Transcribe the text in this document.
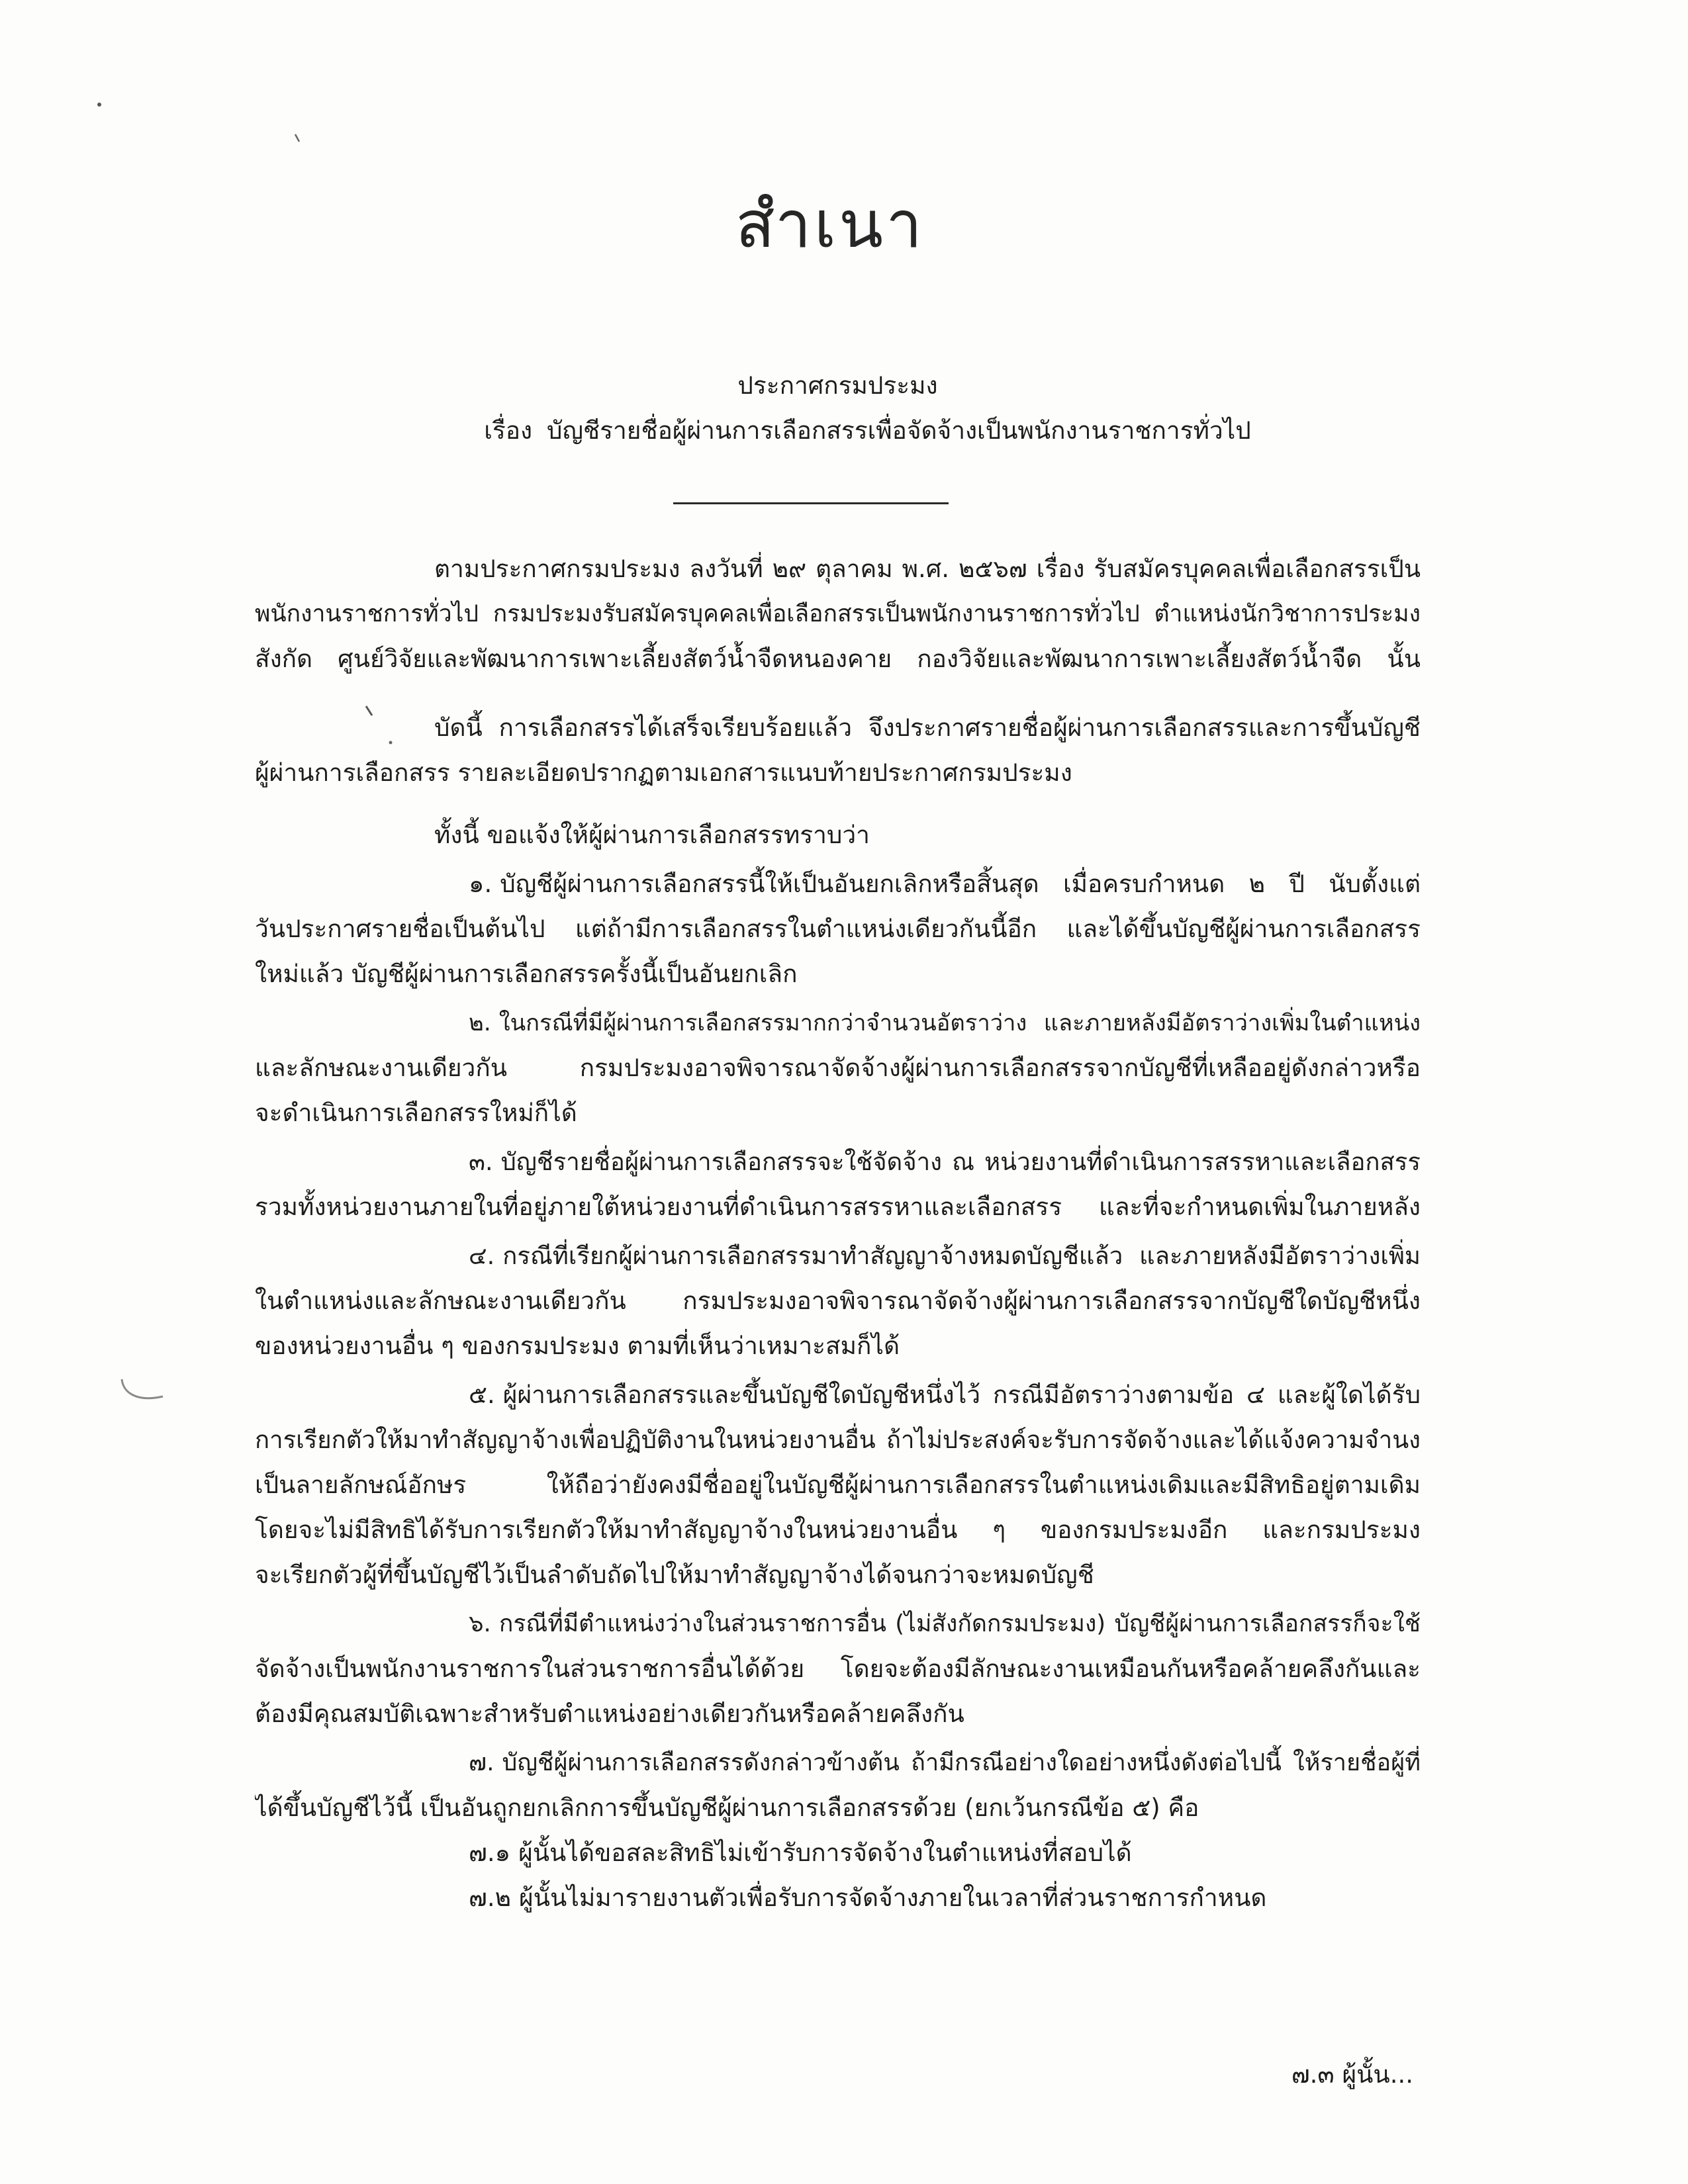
สำเนา
ประกาศกรมประมง
เรื่อง บัญชีรายชื่อผู้ผ่านการเลือกสรรเพื่อจัดจ้างเป็นพนักงานราชการทั่วไป
ตามประกาศกรมประมง ลงวันที่ ๒๙ ตุลาคม พ.ศ. ๒๕๖๗ เรื่อง รับสมัครบุคคลเพื่อเลือกสรรเป็น
พนักงานราชการทั่วไป กรมประมงรับสมัครบุคคลเพื่อเลือกสรรเป็นพนักงานราชการทั่วไป ตำแหน่งนักวิชาการประมง
สังกัด ศูนย์วิจัยและพัฒนาการเพาะเลี้ยงสัตว์น้ำจืดหนองคาย กองวิจัยและพัฒนาการเพาะเลี้ยงสัตว์น้ำจืด นั้น
บัดนี้ การเลือกสรรได้เสร็จเรียบร้อยแล้ว จึงประกาศรายชื่อผู้ผ่านการเลือกสรรและการขึ้นบัญชี
ผู้ผ่านการเลือกสรร รายละเอียดปรากฏตามเอกสารแนบท้ายประกาศกรมประมง
ทั้งนี้ ขอแจ้งให้ผู้ผ่านการเลือกสรรทราบว่า
๑. บัญชีผู้ผ่านการเลือกสรรนี้ให้เป็นอันยกเลิกหรือสิ้นสุด เมื่อครบกำหนด ๒ ปี นับตั้งแต่
วันประกาศรายชื่อเป็นต้นไป แต่ถ้ามีการเลือกสรรในตำแหน่งเดียวกันนี้อีก และได้ขึ้นบัญชีผู้ผ่านการเลือกสรร
ใหม่แล้ว บัญชีผู้ผ่านการเลือกสรรครั้งนี้เป็นอันยกเลิก
๒. ในกรณีที่มีผู้ผ่านการเลือกสรรมากกว่าจำนวนอัตราว่าง และภายหลังมีอัตราว่างเพิ่มในตำแหน่ง
และลักษณะงานเดียวกัน กรมประมงอาจพิจารณาจัดจ้างผู้ผ่านการเลือกสรรจากบัญชีที่เหลืออยู่ดังกล่าวหรือ
จะดำเนินการเลือกสรรใหม่ก็ได้
๓. บัญชีรายชื่อผู้ผ่านการเลือกสรรจะใช้จัดจ้าง ณ หน่วยงานที่ดำเนินการสรรหาและเลือกสรร
รวมทั้งหน่วยงานภายในที่อยู่ภายใต้หน่วยงานที่ดำเนินการสรรหาและเลือกสรร และที่จะกำหนดเพิ่มในภายหลัง
๔. กรณีที่เรียกผู้ผ่านการเลือกสรรมาทำสัญญาจ้างหมดบัญชีแล้ว และภายหลังมีอัตราว่างเพิ่ม
ในตำแหน่งและลักษณะงานเดียวกัน กรมประมงอาจพิจารณาจัดจ้างผู้ผ่านการเลือกสรรจากบัญชีใดบัญชีหนึ่ง
ของหน่วยงานอื่น ๆ ของกรมประมง ตามที่เห็นว่าเหมาะสมก็ได้
๕. ผู้ผ่านการเลือกสรรและขึ้นบัญชีใดบัญชีหนึ่งไว้ กรณีมีอัตราว่างตามข้อ ๔ และผู้ใดได้รับ
การเรียกตัวให้มาทำสัญญาจ้างเพื่อปฏิบัติงานในหน่วยงานอื่น ถ้าไม่ประสงค์จะรับการจัดจ้างและได้แจ้งความจำนง
เป็นลายลักษณ์อักษร ให้ถือว่ายังคงมีชื่ออยู่ในบัญชีผู้ผ่านการเลือกสรรในตำแหน่งเดิมและมีสิทธิอยู่ตามเดิม
โดยจะไม่มีสิทธิได้รับการเรียกตัวให้มาทำสัญญาจ้างในหน่วยงานอื่น ๆ ของกรมประมงอีก และกรมประมง
จะเรียกตัวผู้ที่ขึ้นบัญชีไว้เป็นลำดับถัดไปให้มาทำสัญญาจ้างได้จนกว่าจะหมดบัญชี
๖. กรณีที่มีตำแหน่งว่างในส่วนราชการอื่น (ไม่สังกัดกรมประมง) บัญชีผู้ผ่านการเลือกสรรก็จะใช้
จัดจ้างเป็นพนักงานราชการในส่วนราชการอื่นได้ด้วย โดยจะต้องมีลักษณะงานเหมือนกันหรือคล้ายคลึงกันและ
ต้องมีคุณสมบัติเฉพาะสำหรับตำแหน่งอย่างเดียวกันหรือคล้ายคลึงกัน
๗. บัญชีผู้ผ่านการเลือกสรรดังกล่าวข้างต้น ถ้ามีกรณีอย่างใดอย่างหนึ่งดังต่อไปนี้ ให้รายชื่อผู้ที่
ได้ขึ้นบัญชีไว้นี้ เป็นอันถูกยกเลิกการขึ้นบัญชีผู้ผ่านการเลือกสรรด้วย (ยกเว้นกรณีข้อ ๕) คือ
๗.๑ ผู้นั้นได้ขอสละสิทธิไม่เข้ารับการจัดจ้างในตำแหน่งที่สอบได้
๗.๒ ผู้นั้นไม่มารายงานตัวเพื่อรับการจัดจ้างภายในเวลาที่ส่วนราชการกำหนด
๗.๓ ผู้นั้น...
